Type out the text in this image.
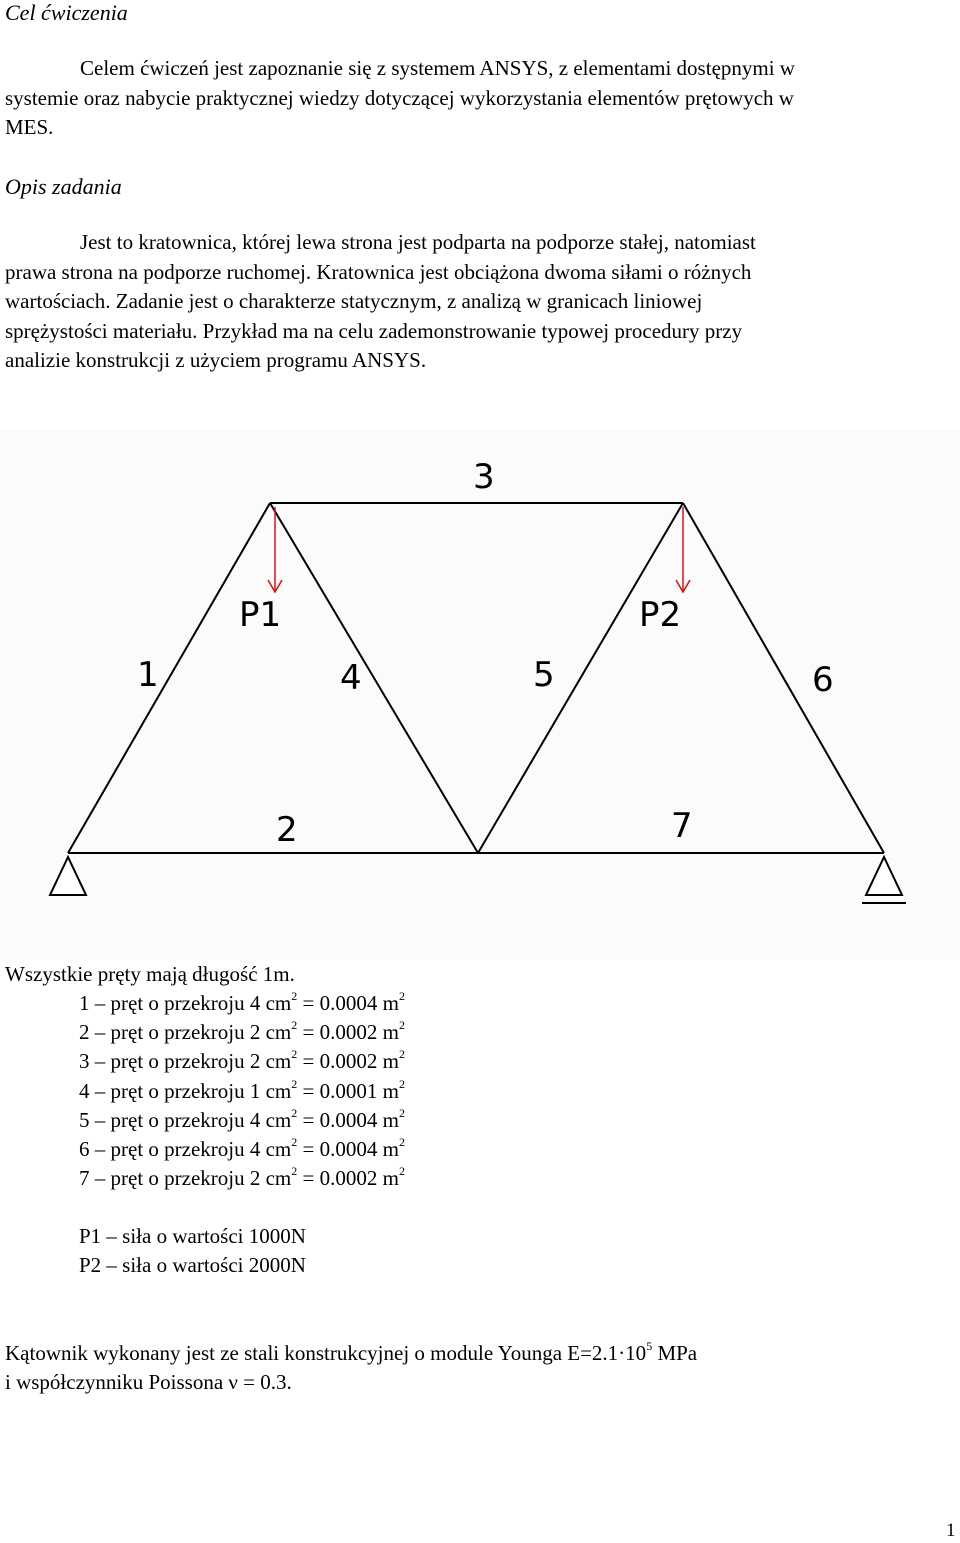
Cel ćwiczenia
Celem ćwiczeń jest zapoznanie się z systemem ANSYS, z elementami dostępnymi w
systemie oraz nabycie praktycznej wiedzy dotyczącej wykorzystania elementów prętowych w
MES.
Opis zadania
Jest to kratownica, której lewa strona jest podparta na podporze stałej, natomiast
prawa strona na podporze ruchomej. Kratownica jest obciążona dwoma siłami o różnych
wartościach. Zadanie jest o charakterze statycznym, z analizą w granicach liniowej
sprężystości materiału. Przykład ma na celu zademonstrowanie typowej procedury przy
analizie konstrukcji z użyciem programu ANSYS.
1
2
3
4	5	6
7
P1	P2
Wszystkie pręty mają długość 1m.
1 – pręt o przekroju 4 $cm^2 = 0.0004$ $m^2$
2 – pręt o przekroju 2 $cm^2 = 0.0002$ $m^2$
3 – pręt o przekroju 2 $cm^2 = 0.0002$ $m^2$
4 – pręt o przekroju 1 $cm^2 = 0.0001$ $m^2$
5 – pręt o przekroju 4 $cm^2 = 0.0004$ $m^2$
6 – pręt o przekroju 4 $cm^2 = 0.0004$ $m^2$
7 – pręt o przekroju 2 $cm^2 = 0.0002$ $m^2$
P1 – siła o wartości 1000N
P2 – siła o wartości 2000N
Kątownik wykonany jest ze stali konstrukcyjnej o module Younga $E=2.1\cdot 10^5$ MPa
i współczynniku Poissona ν = 0.3.
1
